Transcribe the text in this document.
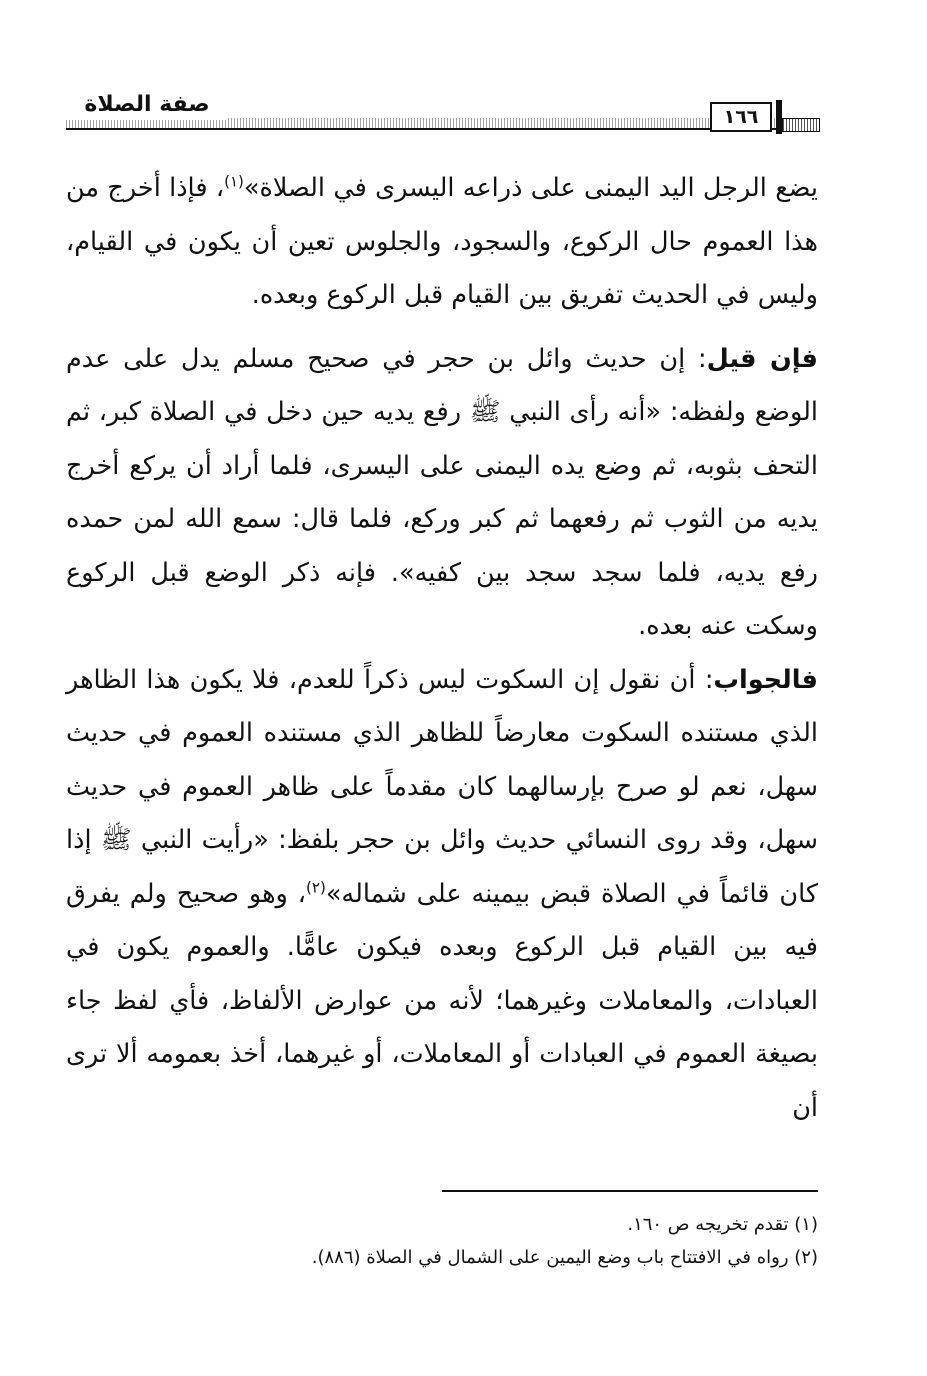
صفة الصلاة	١٦٦

يضع الرجل اليد اليمنى على ذراعه اليسرى في الصلاة»$^{(١)}$، فإذا أخرج من هذا العموم حال الركوع، والسجود، والجلوس تعين أن يكون في القيام، وليس في الحديث تفريق بين القيام قبل الركوع وبعده.

فإن قيل: إن حديث وائل بن حجر في صحيح مسلم يدل على عدم الوضع ولفظه: «أنه رأى النبي ﷺ رفع يديه حين دخل في الصلاة كبر، ثم التحف بثوبه، ثم وضع يده اليمنى على اليسرى، فلما أراد أن يركع أخرج يديه من الثوب ثم رفعهما ثم كبر وركع، فلما قال: سمع الله لمن حمده رفع يديه، فلما سجد سجد بين كفيه». فإنه ذكر الوضع قبل الركوع وسكت عنه بعده.

فالجواب: أن نقول إن السكوت ليس ذكراً للعدم، فلا يكون هذا الظاهر الذي مستنده السكوت معارضاً للظاهر الذي مستنده العموم في حديث سهل، نعم لو صرح بإرسالهما كان مقدماً على ظاهر العموم في حديث سهل، وقد روى النسائي حديث وائل بن حجر بلفظ: «رأيت النبي ﷺ إذا كان قائماً في الصلاة قبض بيمينه على شماله»$^{(٢)}$، وهو صحيح ولم يفرق فيه بين القيام قبل الركوع وبعده فيكون عامًّا. والعموم يكون في العبادات، والمعاملات وغيرهما؛ لأنه من عوارض الألفاظ، فأي لفظ جاء بصيغة العموم في العبادات أو المعاملات، أو غيرهما، أخذ بعمومه ألا ترى أن

(١) تقدم تخريجه ص ١٦٠.
(٢) رواه في الافتتاح باب وضع اليمين على الشمال في الصلاة (٨٨٦).
